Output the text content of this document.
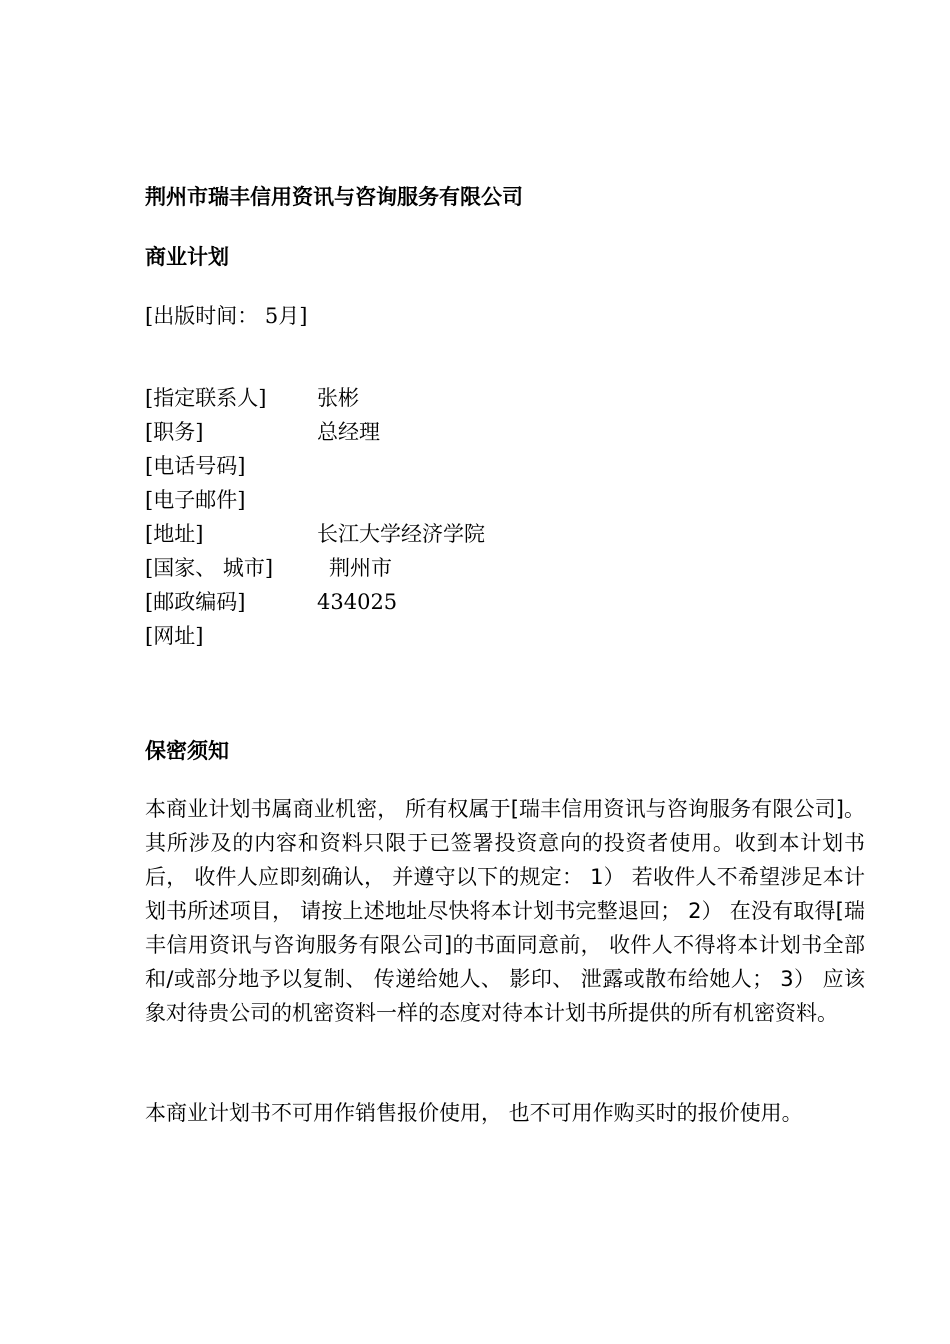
荆州市瑞丰信用资讯与咨询服务有限公司
商业计划
[出版时间： 5月]
[指定联系人] 张彬
[职务]	总经理
[电话号码]
[电子邮件]
[地址]	长江大学经济学院
[国家、 城市]	荆州市
[邮政编码]	434025
[网址]
保密须知
本商业计划书属商业机密， 所有权属于[瑞丰信用资讯与咨询服务有限公司]。其所涉及的内容和资料只限于已签署投资意向的投资者使用。收到本计划书后， 收件人应即刻确认， 并遵守以下的规定： 1） 若收件人不希望涉足本计划书所述项目， 请按上述地址尽快将本计划书完整退回； 2） 在没有取得[瑞丰信用资讯与咨询服务有限公司]的书面同意前， 收件人不得将本计划书全部和/或部分地予以复制、 传递给她人、 影印、 泄露或散布给她人； 3） 应该象对待贵公司的机密资料一样的态度对待本计划书所提供的所有机密资料。
本商业计划书不可用作销售报价使用， 也不可用作购买时的报价使用。
